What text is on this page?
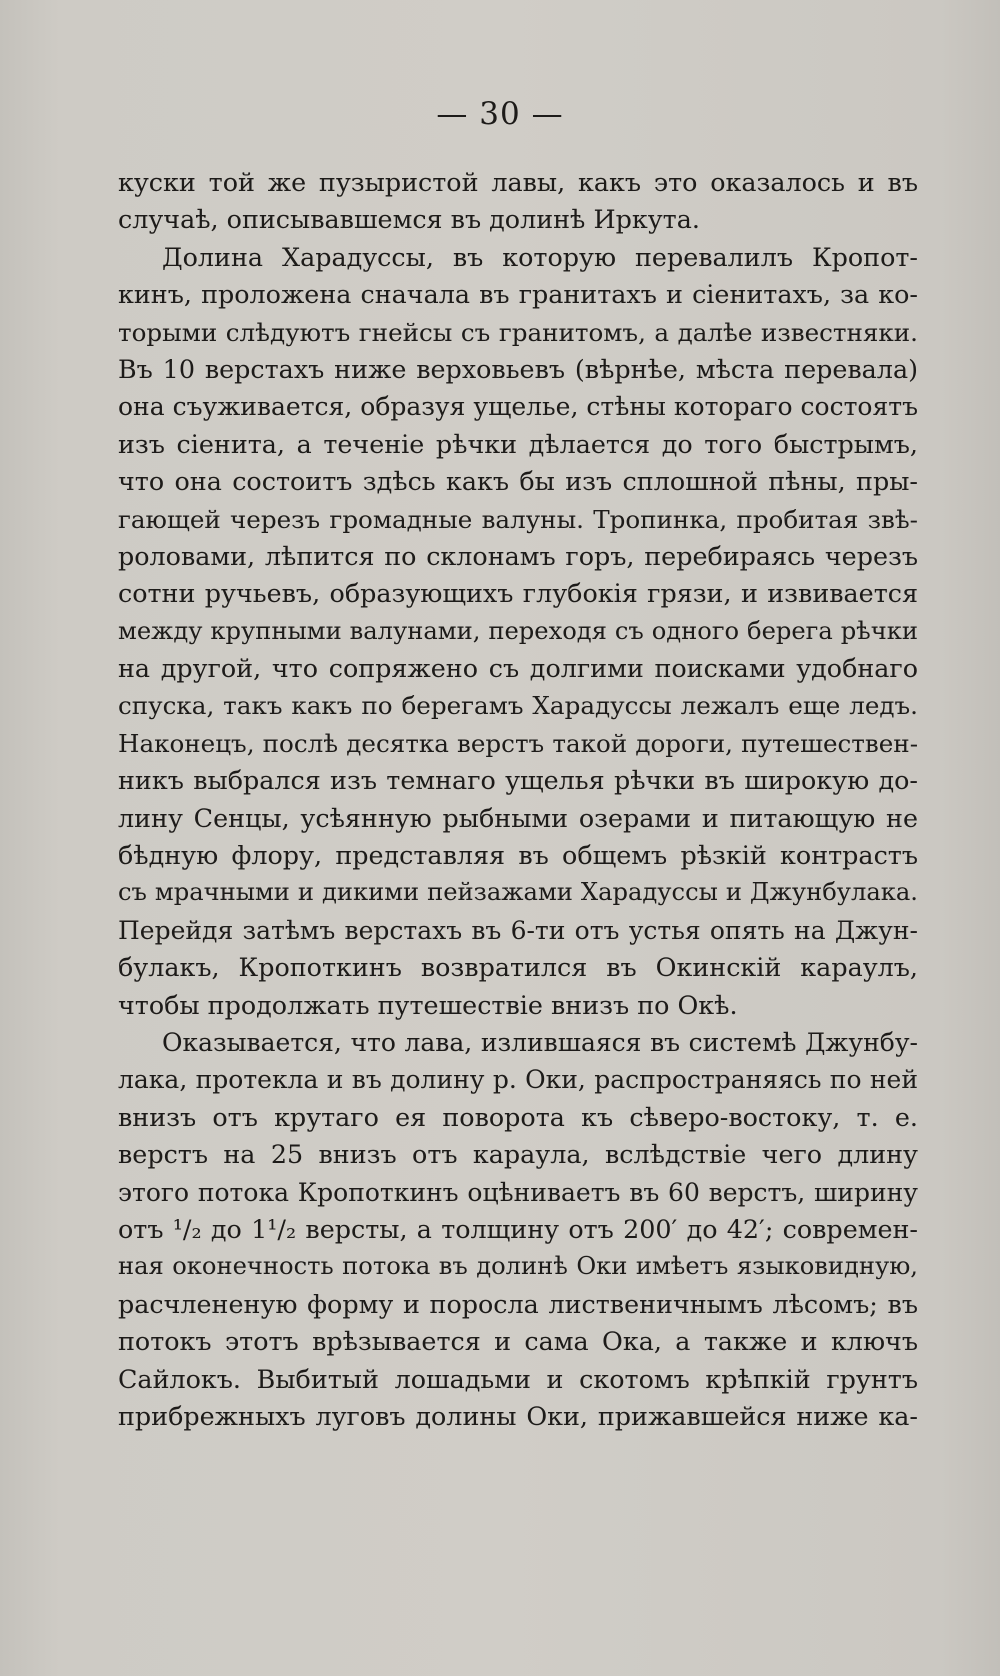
— 30 —
куски той же пузыристой лавы, какъ это оказалось и въ
случаѣ, описывавшемся въ долинѣ Иркута.
Долина Харадуссы, въ которую перевалилъ Кропот-
кинъ, проложена сначала въ гранитахъ и сіенитахъ, за ко-
торыми слѣдуютъ гнейсы съ гранитомъ, а далѣе известняки.
Въ 10 верстахъ ниже верховьевъ (вѣрнѣе, мѣста перевала)
она съуживается, образуя ущелье, стѣны котораго состоятъ
изъ сіенита, а теченіе рѣчки дѣлается до того быстрымъ,
что она состоитъ здѣсь какъ бы изъ сплошной пѣны, пры-
гающей черезъ громадные валуны. Тропинка, пробитая звѣ-
роловами, лѣпится по склонамъ горъ, перебираясь черезъ
сотни ручьевъ, образующихъ глубокія грязи, и извивается
между крупными валунами, переходя съ одного берега рѣчки
на другой, что сопряжено съ долгими поисками удобнаго
спуска, такъ какъ по берегамъ Харадуссы лежалъ еще ледъ.
Наконецъ, послѣ десятка верстъ такой дороги, путешествен-
никъ выбрался изъ темнаго ущелья рѣчки въ широкую до-
лину Сенцы, усѣянную рыбными озерами и питающую не
бѣдную флору, представляя въ общемъ рѣзкій контрастъ
съ мрачными и дикими пейзажами Харадуссы и Джунбулака.
Перейдя затѣмъ верстахъ въ 6-ти отъ устья опять на Джун-
булакъ, Кропоткинъ возвратился въ Окинскій караулъ,
чтобы продолжать путешествіе внизъ по Окѣ.
Оказывается, что лава, излившаяся въ системѣ Джунбу-
лака, протекла и въ долину р. Оки, распространяясь по ней
внизъ отъ крутаго ея поворота къ сѣверо-востоку, т. е.
верстъ на 25 внизъ отъ караула, вслѣдствіе чего длину
этого потока Кропоткинъ оцѣниваетъ въ 60 верстъ, ширину
отъ ¹/₂ до 1¹/₂ версты, а толщину отъ 200′ до 42′; современ-
ная оконечность потока въ долинѣ Оки имѣетъ языковидную,
расчлененую форму и поросла лиственичнымъ лѣсомъ; въ
потокъ этотъ врѣзывается и сама Ока, а также и ключъ
Сайлокъ. Выбитый лошадьми и скотомъ крѣпкій грунтъ
прибрежныхъ луговъ долины Оки, прижавшейся ниже ка-
